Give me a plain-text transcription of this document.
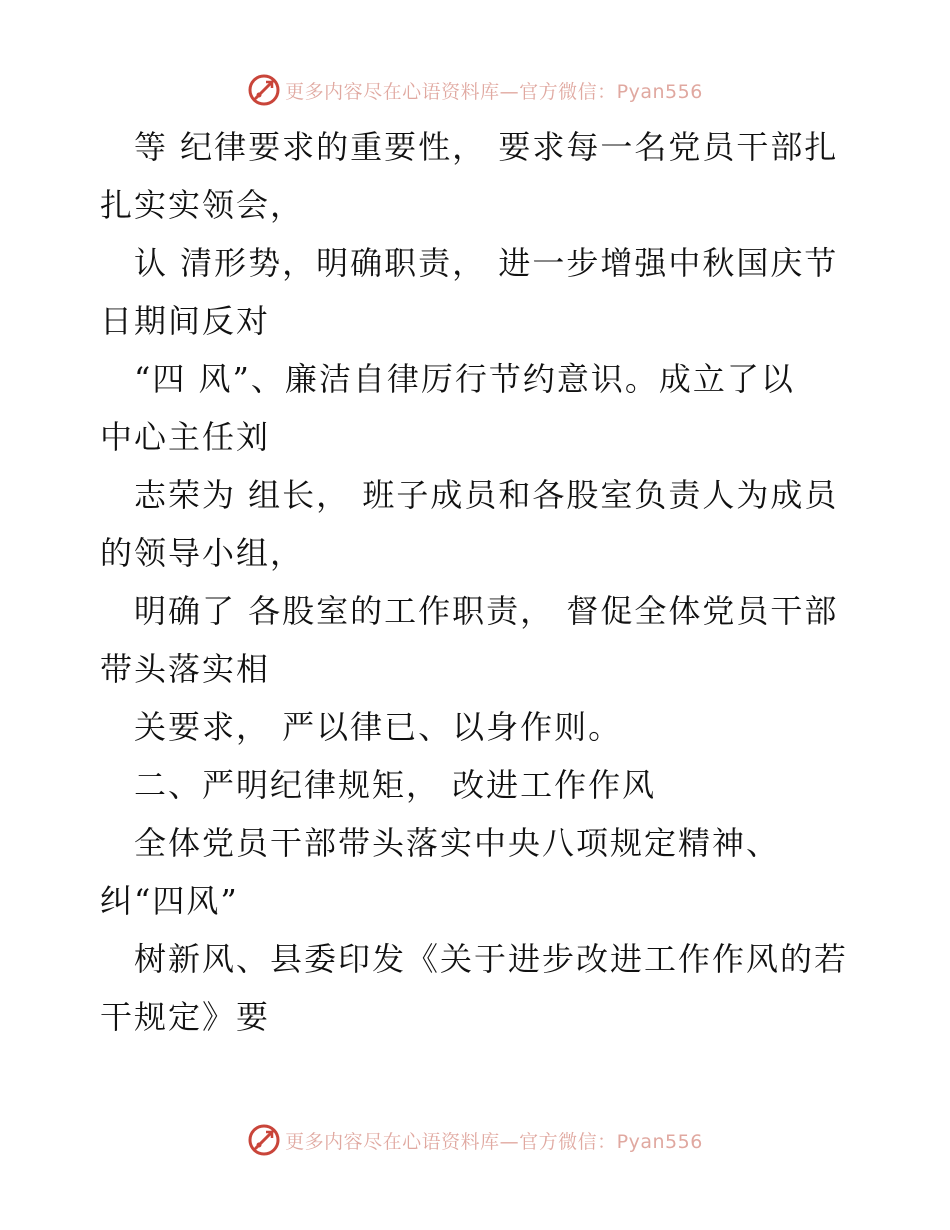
更多内容尽在心语资料库—官方微信：Pyan556
等 纪律要求的重要性， 要求每一名党员干部扎
扎实实领会，
认 清形势，明确职责， 进一步增强中秋国庆节
日期间反对
“四 风”、廉洁自律厉行节约意识。成立了以
中心主任刘
志荣为 组长， 班子成员和各股室负责人为成员
的领导小组，
明确了 各股室的工作职责， 督促全体党员干部
带头落实相
关要求， 严以律已、以身作则。
二、严明纪律规矩， 改进工作作风
全体党员干部带头落实中央八项规定精神、
纠“四风”
树新风、县委印发《关于进步改进工作作风的若
干规定》要
更多内容尽在心语资料库—官方微信：Pyan556
